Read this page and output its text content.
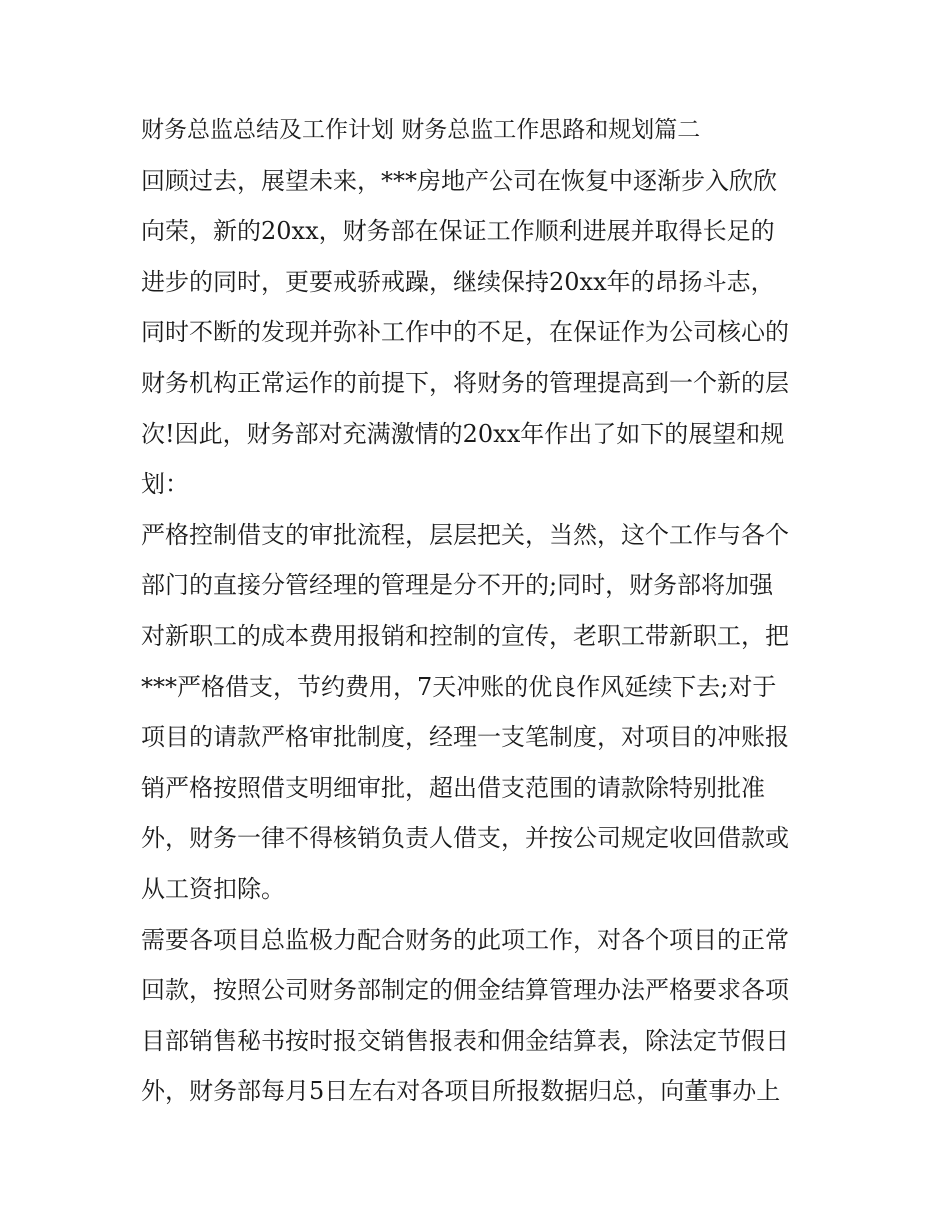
财务总监总结及工作计划 财务总监工作思路和规划篇二
回顾过去，展望未来，***房地产公司在恢复中逐渐步入欣欣
向荣，新的20xx，财务部在保证工作顺利进展并取得长足的
进步的同时，更要戒骄戒躁，继续保持20xx年的昂扬斗志，
同时不断的发现并弥补工作中的不足，在保证作为公司核心的
财务机构正常运作的前提下，将财务的管理提高到一个新的层
次!因此，财务部对充满激情的20xx年作出了如下的展望和规
划：
严格控制借支的审批流程，层层把关，当然，这个工作与各个
部门的直接分管经理的管理是分不开的;同时，财务部将加强
对新职工的成本费用报销和控制的宣传，老职工带新职工，把
***严格借支，节约费用，7天冲账的优良作风延续下去;对于
项目的请款严格审批制度，经理一支笔制度，对项目的冲账报
销严格按照借支明细审批，超出借支范围的请款除特别批准
外，财务一律不得核销负责人借支，并按公司规定收回借款或
从工资扣除。
需要各项目总监极力配合财务的此项工作，对各个项目的正常
回款，按照公司财务部制定的佣金结算管理办法严格要求各项
目部销售秘书按时报交销售报表和佣金结算表，除法定节假日
外，财务部每月5日左右对各项目所报数据归总，向董事办上
